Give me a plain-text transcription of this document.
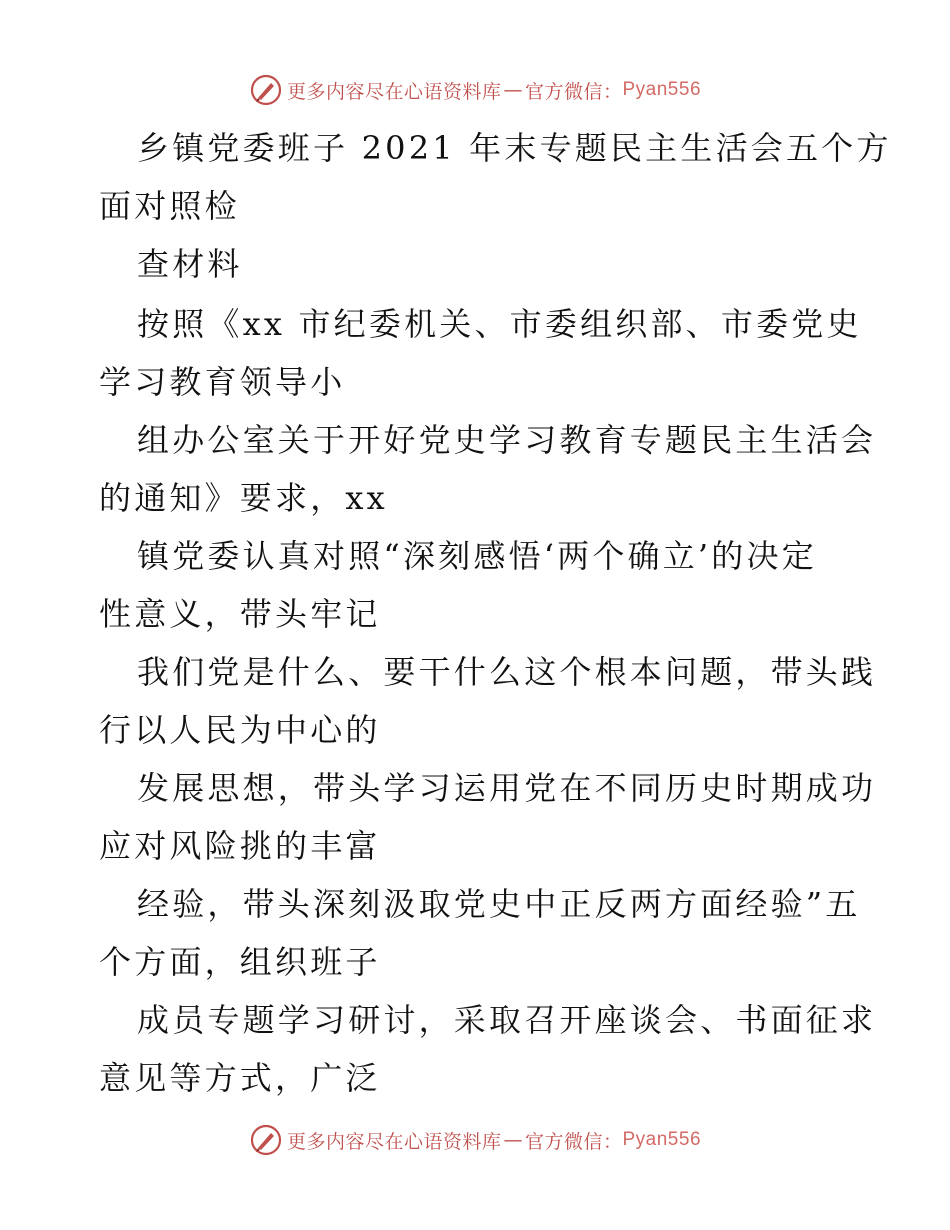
更多内容尽在心语资料库 — 官方微信： Pyan556
乡镇党委班子 2021 年末专题民主生活会五个方
面对照检
查材料
按照《xx 市纪委机关、市委组织部、市委党史
学习教育领导小
组办公室关于开好党史学习教育专题民主生活会
的通知》要求，xx
镇党委认真对照“深刻感悟‘两个确立’的决定
性意义，带头牢记
我们党是什么、要干什么这个根本问题，带头践
行以人民为中心的
发展思想，带头学习运用党在不同历史时期成功
应对风险挑的丰富
经验，带头深刻汲取党史中正反两方面经验”五
个方面，组织班子
成员专题学习研讨，采取召开座谈会、书面征求
意见等方式，广泛
更多内容尽在心语资料库 — 官方微信： Pyan556
